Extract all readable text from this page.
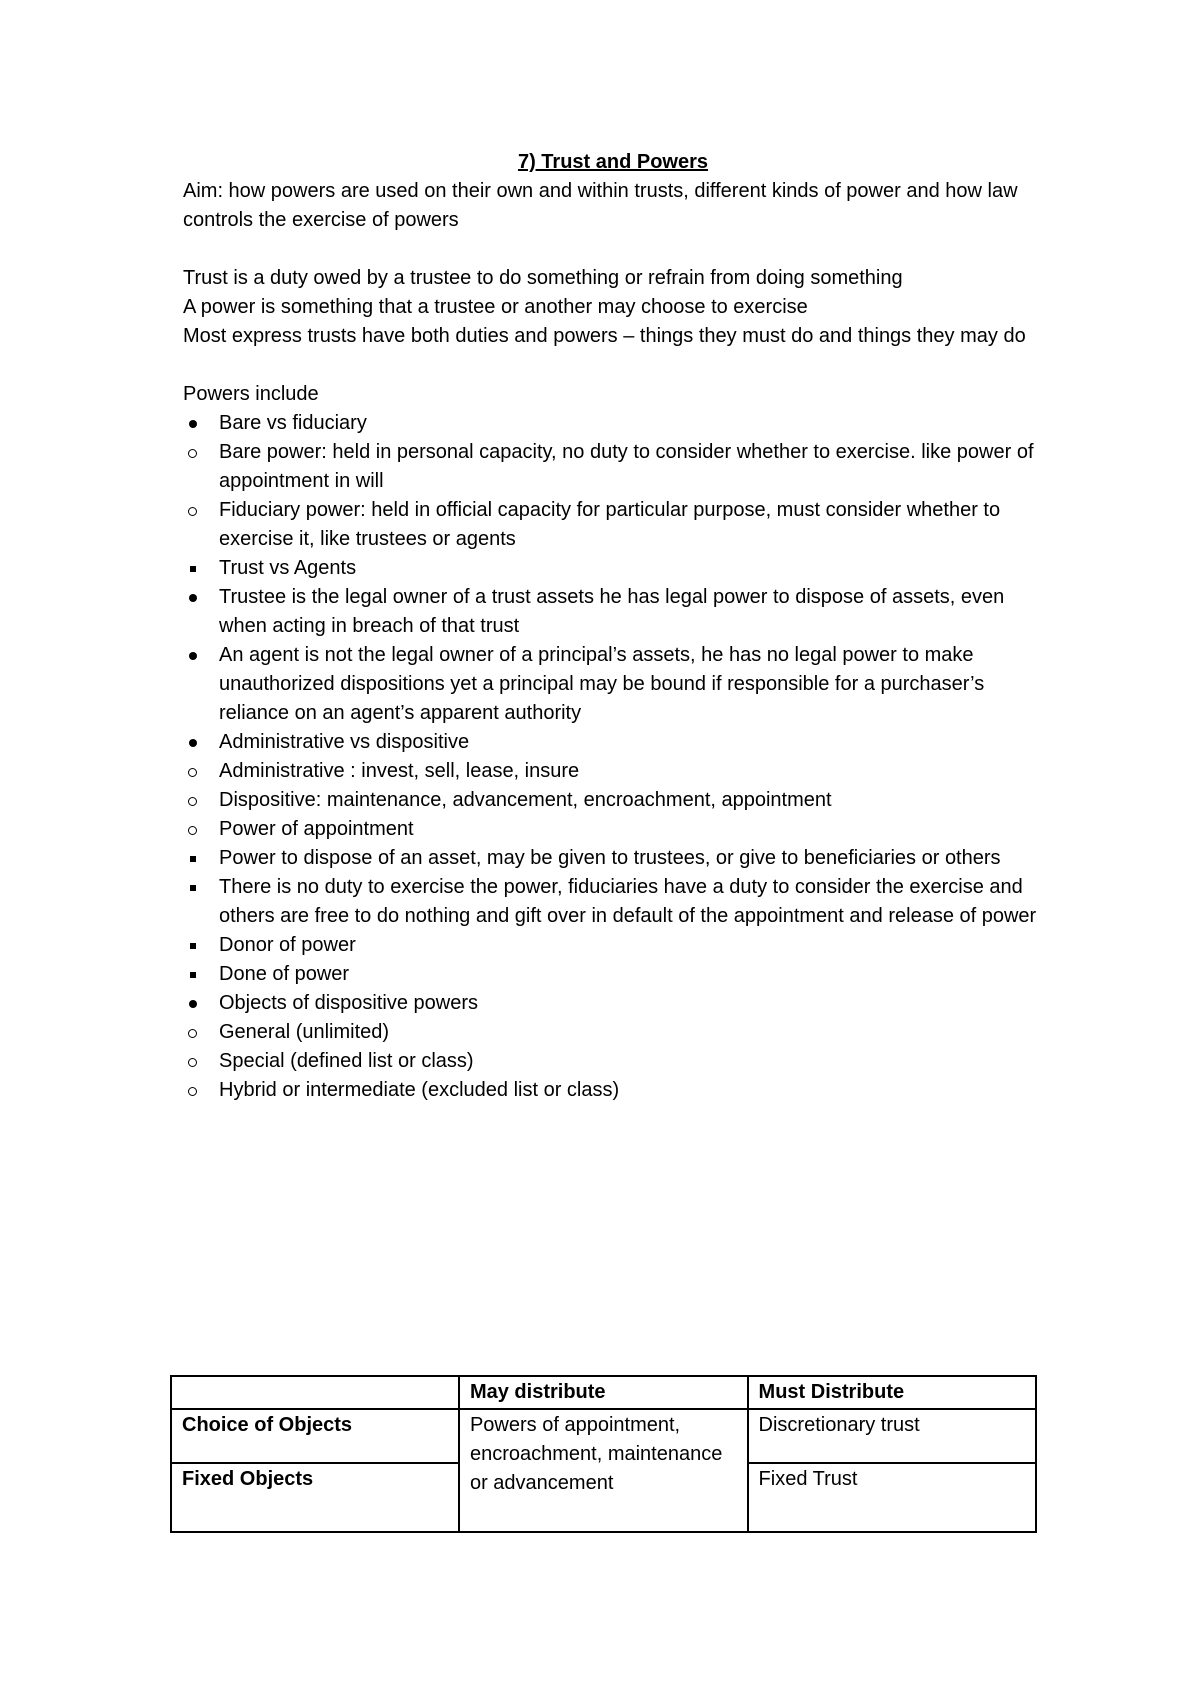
7) Trust and Powers

Aim: how powers are used on their own and within trusts, different kinds of power and how law controls the exercise of powers

Trust is a duty owed by a trustee to do something or refrain from doing something

A power is something that a trustee or another may choose to exercise

Most express trusts have both duties and powers – things they must do and things they may do

Powers include

Bare vs fiduciary
Bare power: held in personal capacity, no duty to consider whether to exercise. like power of appointment in will
Fiduciary power: held in official capacity for particular purpose, must consider whether to exercise it, like trustees or agents
Trust vs Agents
Trustee is the legal owner of a trust assets he has legal power to dispose of assets, even when acting in breach of that trust
An agent is not the legal owner of a principal’s assets, he has no legal power to make unauthorized dispositions yet a principal may be bound if responsible for a purchaser’s reliance on an agent’s apparent authority
Administrative vs dispositive
Administrative : invest, sell, lease, insure
Dispositive: maintenance, advancement, encroachment, appointment
Power of appointment
Power to dispose of an asset, may be given to trustees, or give to beneficiaries or others
There is no duty to exercise the power, fiduciaries have a duty to consider the exercise and others are free to do nothing and gift over in default of the appointment and release of power
Donor of power
Done of power
Objects of dispositive powers
General (unlimited)
Special (defined list or class)
Hybrid or intermediate (excluded list or class)
	May distribute	Must Distribute
Choice of Objects	Powers of appointment, encroachment, maintenance or advancement	Discretionary trust
Fixed Objects		Fixed Trust
